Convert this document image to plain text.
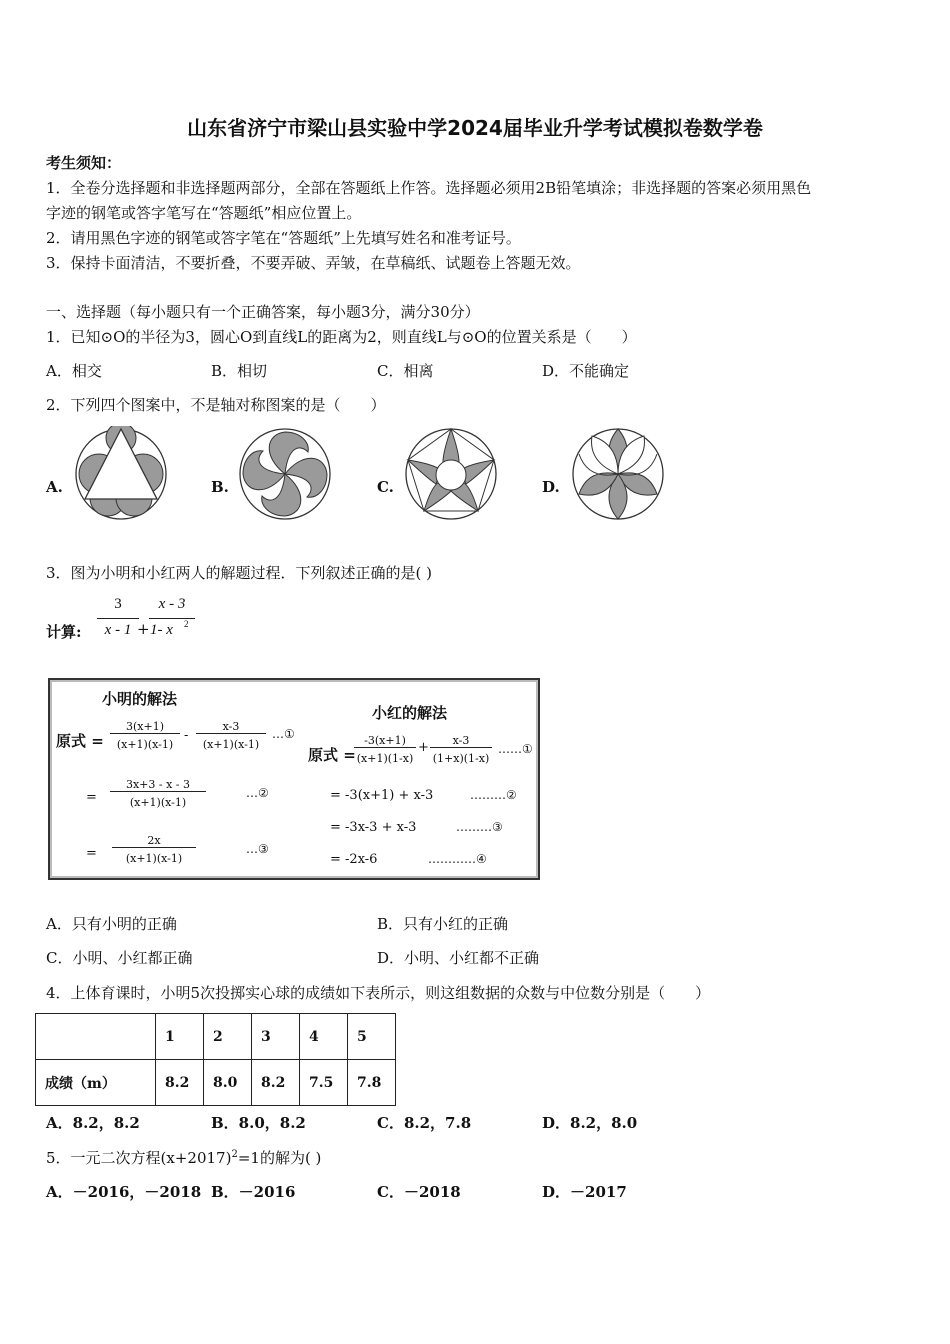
山东省济宁市梁山县实验中学2024届毕业升学考试模拟卷数学卷
考生须知：
1．全卷分选择题和非选择题两部分，全部在答题纸上作答。选择题必须用2B铅笔填涂；非选择题的答案必须用黑色
字迹的钢笔或答字笔写在“答题纸”相应位置上。
2．请用黑色字迹的钢笔或答字笔在“答题纸”上先填写姓名和准考证号。
3．保持卡面清洁，不要折叠，不要弄破、弄皱，在草稿纸、试题卷上答题无效。
一、选择题（每小题只有一个正确答案，每小题3分，满分30分）
1．已知⊙O的半径为3，圆心O到直线L的距离为2，则直线L与⊙O的位置关系是（　　）
A．相交	B．相切	C．相离	D．不能确定
2．下列四个图案中，不是轴对称图案的是（　　）
A.	B.	C.	D.
3．图为小明和小红两人的解题过程．下列叙述正确的是( )
计算:
3
x - 1 +
x - 3
1- x 2
小明的解法
原式 =
3(x+1)
(x+1)(x-1)
-
x-3
(x+1)(x-1)
…①
=
3x+3 - x - 3
(x+1)(x-1)
…②
=
2x
(x+1)(x-1)
…③
小红的解法
原式 =
-3(x+1)
(x+1)(1-x)
+	x-3
(1+x)(1-x)
……①
= -3(x+1) + x-3	………②
= -3x-3 + x-3	………③
= -2x-6	…………④
A．只有小明的正确	B．只有小红的正确
C．小明、小红都正确	D．小明、小红都不正确
4．上体育课时，小明5次投掷实心球的成绩如下表所示，则这组数据的众数与中位数分别是（　　）
	1	2	3	4	5
成绩（m）	8.2	8.0	8.2	7.5	7.8
A．8.2，8.2	B．8.0，8.2	C．8.2，7.8	D．8.2，8.0
5．一元二次方程$(x+2017)^2=1$的解为( )
A．－2016，－2018 B．－2016	C．－2018	D．－2017
